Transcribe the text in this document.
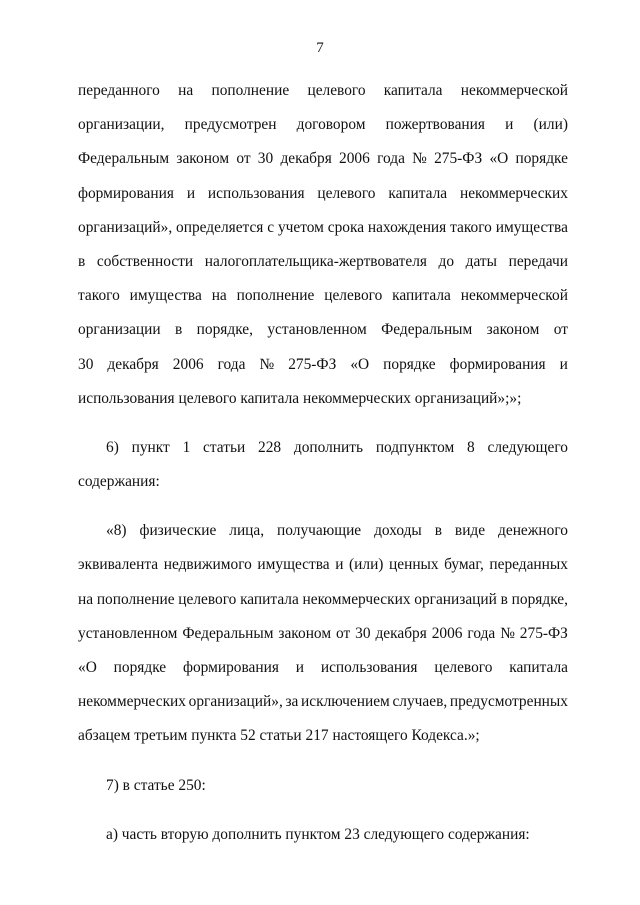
7
переданного на пополнение целевого капитала некоммерческой
организации, предусмотрен договором пожертвования и (или)
Федеральным законом от 30 декабря 2006 года № 275-ФЗ «О порядке
формирования и использования целевого капитала некоммерческих
организаций», определяется с учетом срока нахождения такого имущества
в собственности налогоплательщика-жертвователя до даты передачи
такого имущества на пополнение целевого капитала некоммерческой
организации в порядке, установленном Федеральным законом от
30 декабря 2006 года № 275-ФЗ «О порядке формирования и
использования целевого капитала некоммерческих организаций»;»;
6) пункт 1 статьи 228 дополнить подпунктом 8 следующего
содержания:
«8) физические лица, получающие доходы в виде денежного
эквивалента недвижимого имущества и (или) ценных бумаг, переданных
на пополнение целевого капитала некоммерческих организаций в порядке,
установленном Федеральным законом от 30 декабря 2006 года № 275-ФЗ
«О порядке формирования и использования целевого капитала
некоммерческих организаций», за исключением случаев, предусмотренных
абзацем третьим пункта 52 статьи 217 настоящего Кодекса.»;
7) в статье 250:
а) часть вторую дополнить пунктом 23 следующего содержания:
